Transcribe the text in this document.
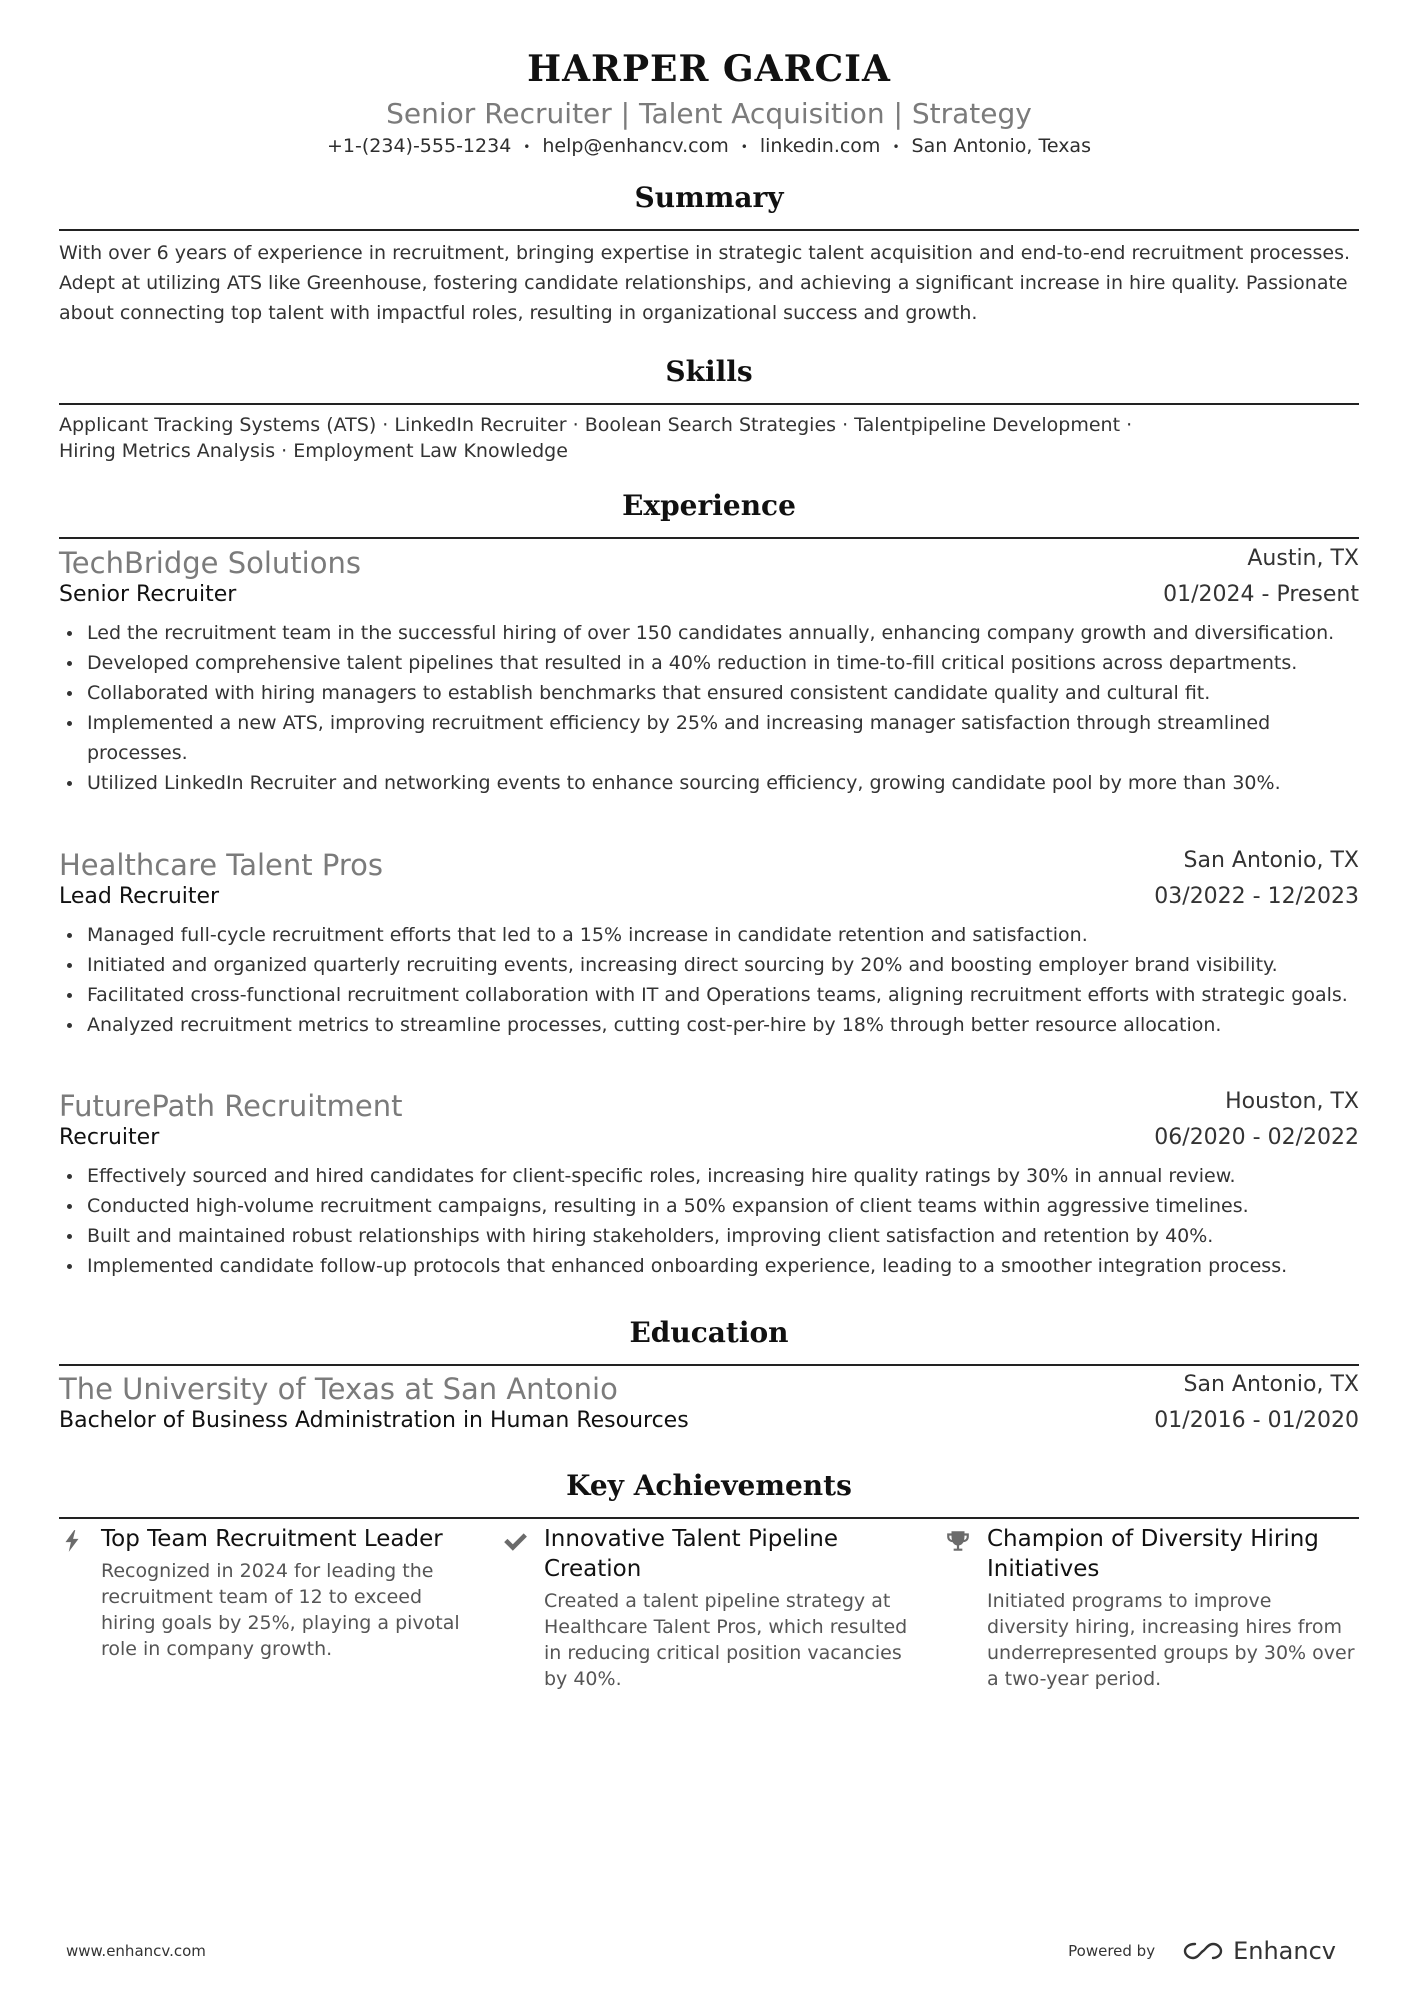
HARPER GARCIA
Senior Recruiter | Talent Acquisition | Strategy
+1-(234)-555-1234 • help@enhancv.com • linkedin.com • San Antonio, Texas
Summary
With over 6 years of experience in recruitment, bringing expertise in strategic talent acquisition and end-to-end recruitment processes. Adept at utilizing ATS like Greenhouse, fostering candidate relationships, and achieving a significant increase in hire quality. Passionate about connecting top talent with impactful roles, resulting in organizational success and growth.
Skills
Applicant Tracking Systems (ATS) · LinkedIn Recruiter · Boolean Search Strategies · Talentpipeline Development ·
Hiring Metrics Analysis · Employment Law Knowledge
Experience
TechBridge Solutions	Austin, TX
Senior Recruiter	01/2024 - Present
Led the recruitment team in the successful hiring of over 150 candidates annually, enhancing company growth and diversification.
Developed comprehensive talent pipelines that resulted in a 40% reduction in time-to-fill critical positions across departments.
Collaborated with hiring managers to establish benchmarks that ensured consistent candidate quality and cultural fit.
Implemented a new ATS, improving recruitment efficiency by 25% and increasing manager satisfaction through streamlined processes.
Utilized LinkedIn Recruiter and networking events to enhance sourcing efficiency, growing candidate pool by more than 30%.
Healthcare Talent Pros	San Antonio, TX
Lead Recruiter	03/2022 - 12/2023
Managed full-cycle recruitment efforts that led to a 15% increase in candidate retention and satisfaction.
Initiated and organized quarterly recruiting events, increasing direct sourcing by 20% and boosting employer brand visibility.
Facilitated cross-functional recruitment collaboration with IT and Operations teams, aligning recruitment efforts with strategic goals.
Analyzed recruitment metrics to streamline processes, cutting cost-per-hire by 18% through better resource allocation.
FuturePath Recruitment	Houston, TX
Recruiter	06/2020 - 02/2022
Effectively sourced and hired candidates for client-specific roles, increasing hire quality ratings by 30% in annual review.
Conducted high-volume recruitment campaigns, resulting in a 50% expansion of client teams within aggressive timelines.
Built and maintained robust relationships with hiring stakeholders, improving client satisfaction and retention by 40%.
Implemented candidate follow-up protocols that enhanced onboarding experience, leading to a smoother integration process.
Education
The University of Texas at San Antonio	San Antonio, TX
Bachelor of Business Administration in Human Resources	01/2016 - 01/2020
Key Achievements
Top Team Recruitment Leader
Recognized in 2024 for leading the recruitment team of 12 to exceed hiring goals by 25%, playing a pivotal role in company growth.
Innovative Talent Pipeline Creation
Created a talent pipeline strategy at Healthcare Talent Pros, which resulted in reducing critical position vacancies by 40%.
Champion of Diversity Hiring Initiatives
Initiated programs to improve diversity hiring, increasing hires from underrepresented groups by 30% over a two-year period.
www.enhancv.com	Powered by	Enhancv
